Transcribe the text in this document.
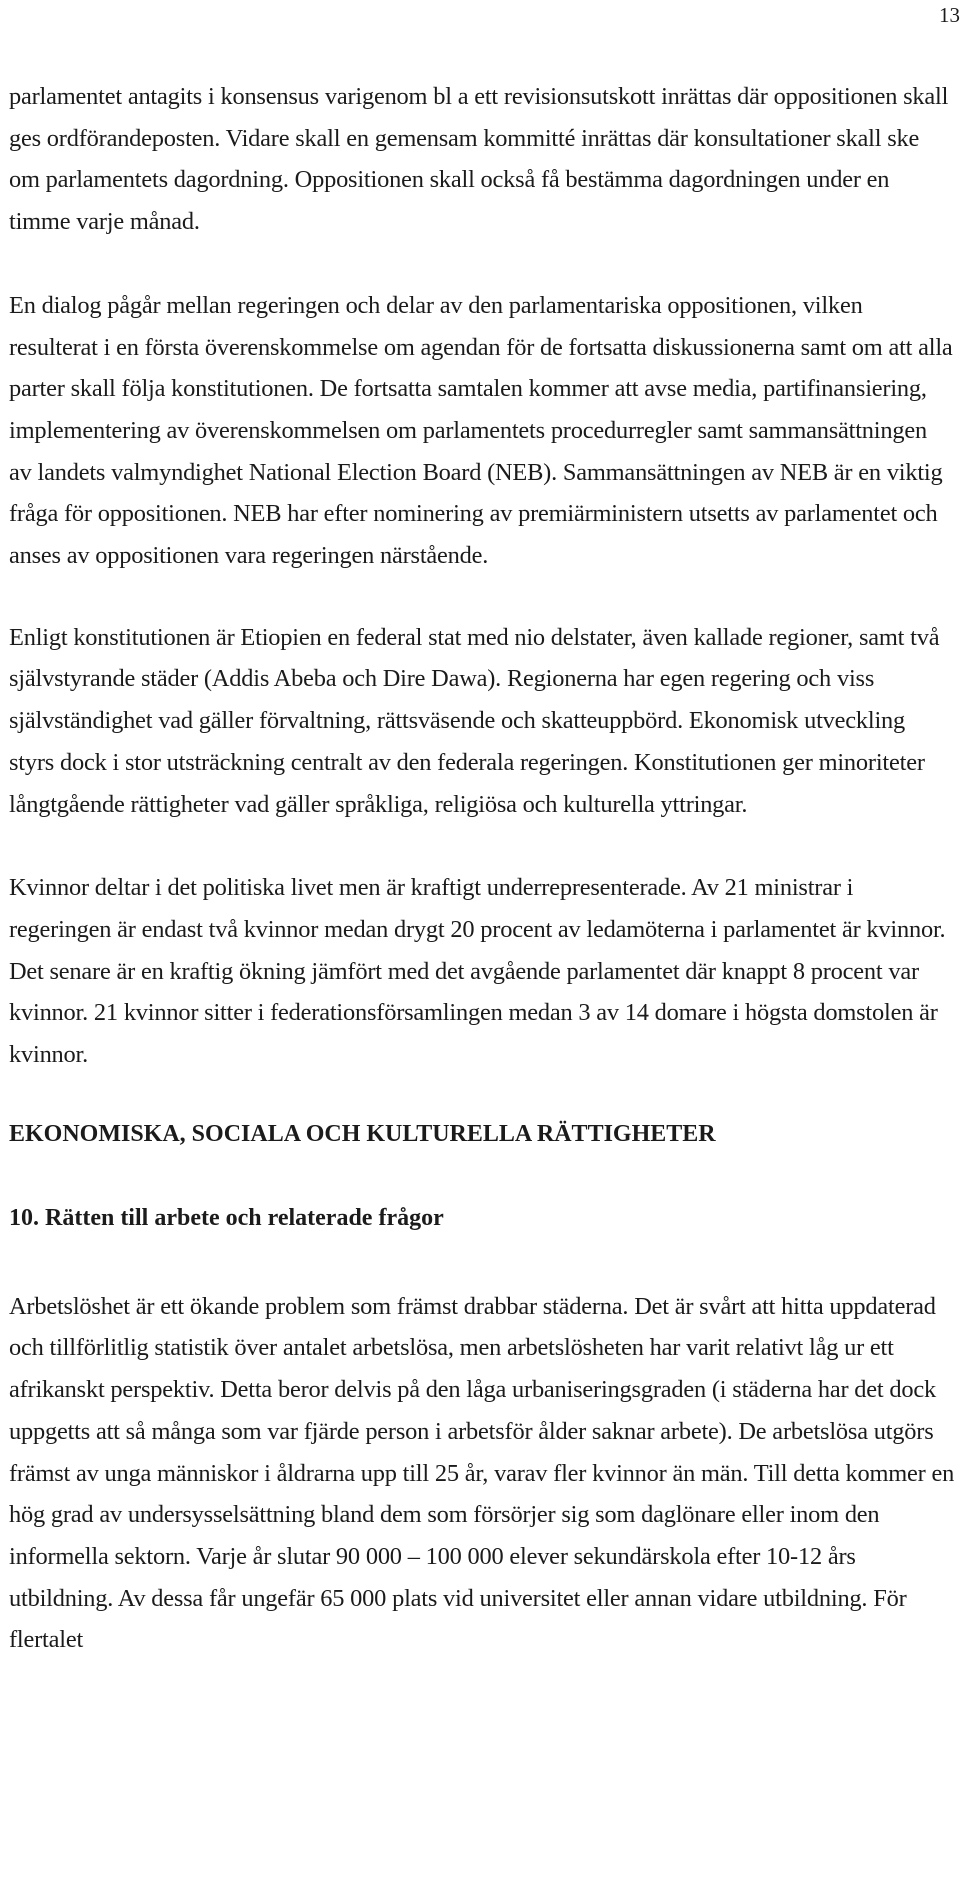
13

parlamentet antagits i konsensus varigenom bl a ett revisionsutskott inrättas där oppositionen skall ges ordförandeposten. Vidare skall en gemensam kommitté inrättas där konsultationer skall ske om parlamentets dagordning. Oppositionen skall också få bestämma dagordningen under en timme varje månad.

En dialog pågår mellan regeringen och delar av den parlamentariska oppositionen, vilken resulterat i en första överenskommelse om agendan för de fortsatta diskussionerna samt om att alla parter skall följa konstitutionen. De fortsatta samtalen kommer att avse media, partifinansiering, implementering av överenskommelsen om parlamentets procedurregler samt sammansättningen av landets valmyndighet National Election Board (NEB). Sammansättningen av NEB är en viktig fråga för oppositionen. NEB har efter nominering av premiärministern utsetts av parlamentet och anses av oppositionen vara regeringen närstående.

Enligt konstitutionen är Etiopien en federal stat med nio delstater, även kallade regioner, samt två självstyrande städer (Addis Abeba och Dire Dawa). Regionerna har egen regering och viss självständighet vad gäller förvaltning, rättsväsende och skatteuppbörd. Ekonomisk utveckling styrs dock i stor utsträckning centralt av den federala regeringen. Konstitutionen ger minoriteter långtgående rättigheter vad gäller språkliga, religiösa och kulturella yttringar.

Kvinnor deltar i det politiska livet men är kraftigt underrepresenterade. Av 21 ministrar i regeringen är endast två kvinnor medan drygt 20 procent av ledamöterna i parlamentet är kvinnor. Det senare är en kraftig ökning jämfört med det avgående parlamentet där knappt 8 procent var kvinnor. 21 kvinnor sitter i federationsförsamlingen medan 3 av 14 domare i högsta domstolen är kvinnor.

EKONOMISKA, SOCIALA OCH KULTURELLA RÄTTIGHETER
10. Rätten till arbete och relaterade frågor

Arbetslöshet är ett ökande problem som främst drabbar städerna. Det är svårt att hitta uppdaterad och tillförlitlig statistik över antalet arbetslösa, men arbetslösheten har varit relativt låg ur ett afrikanskt perspektiv. Detta beror delvis på den låga urbaniseringsgraden (i städerna har det dock uppgetts att så många som var fjärde person i arbetsför ålder saknar arbete). De arbetslösa utgörs främst av unga människor i åldrarna upp till 25 år, varav fler kvinnor än män. Till detta kommer en hög grad av undersysselsättning bland dem som försörjer sig som daglönare eller inom den informella sektorn. Varje år slutar 90 000 – 100 000 elever sekundärskola efter 10-12 års utbildning. Av dessa får ungefär 65 000 plats vid universitet eller annan vidare utbildning. För flertalet
